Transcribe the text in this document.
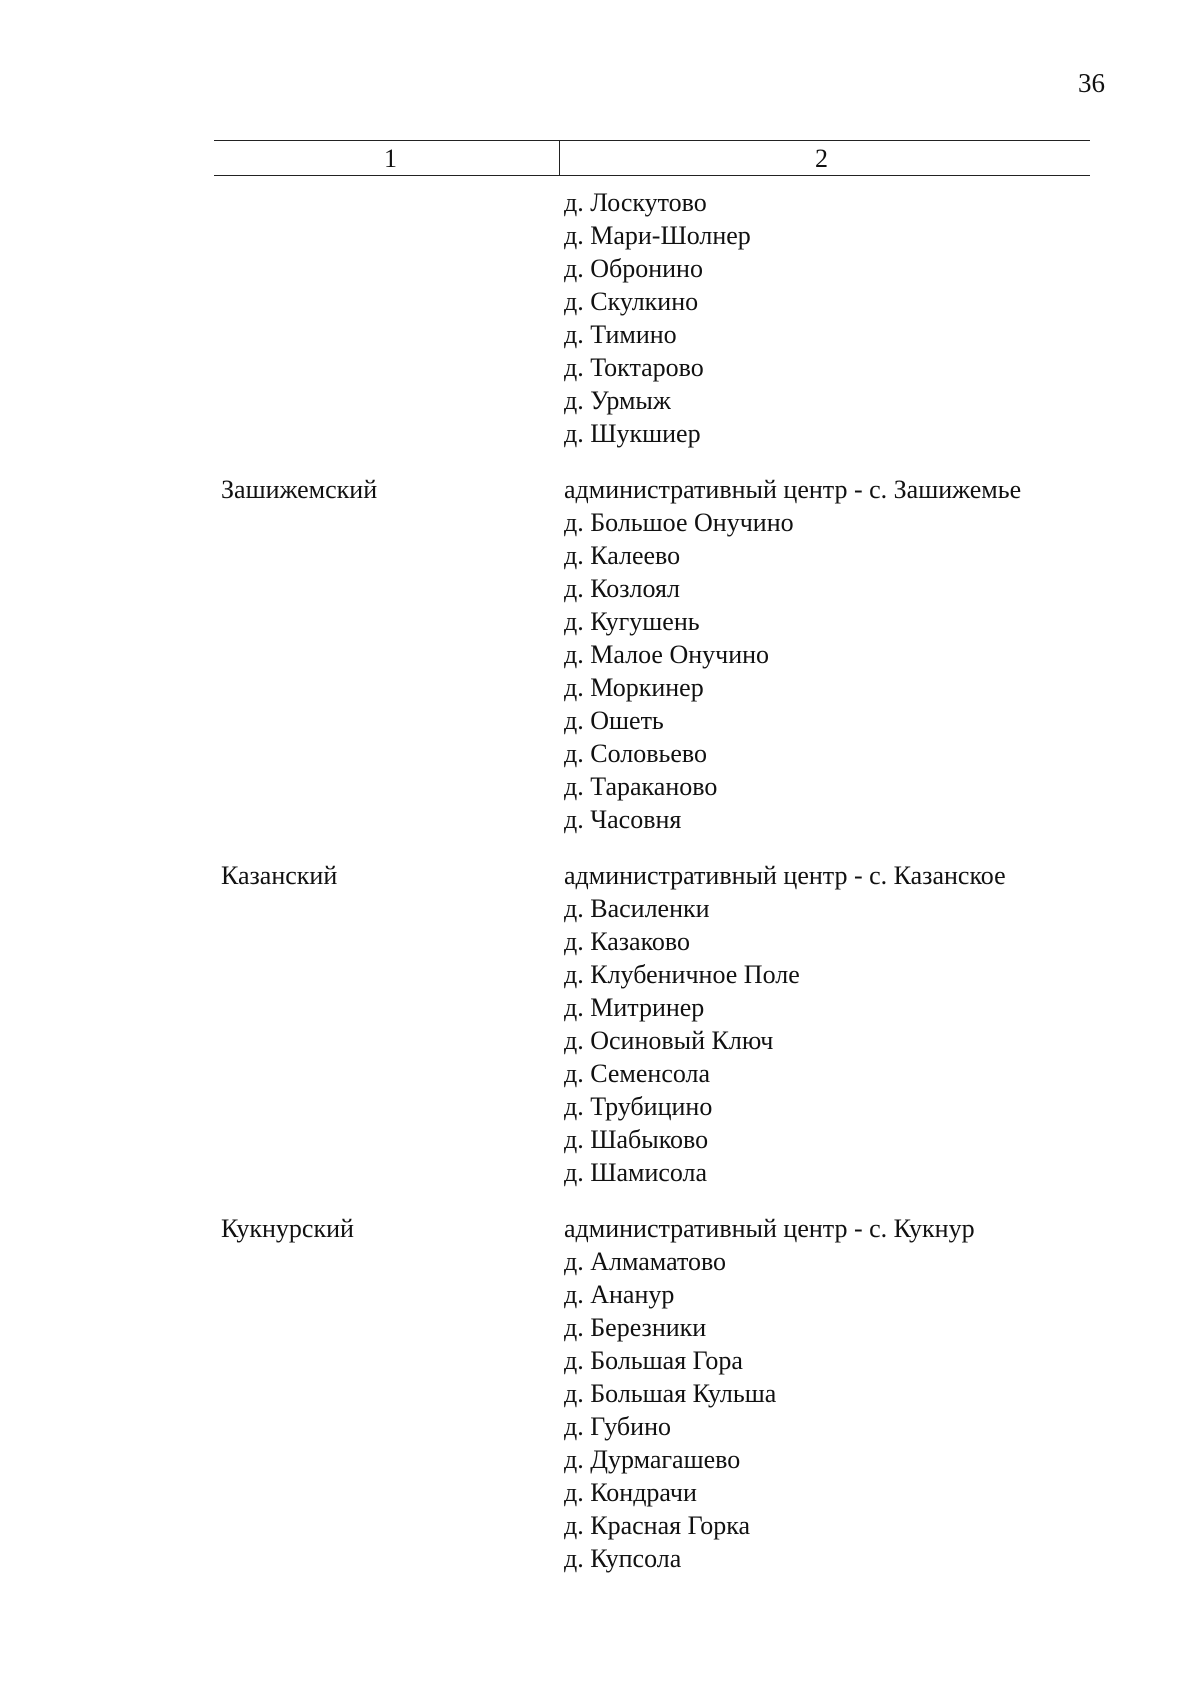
36
1	2
д. Лоскутово
д. Мари-Шолнер
д. Обронино
д. Скулкино
д. Тимино
д. Токтарово
д. Урмыж
д. Шукшиер
Зашижемский	административный центр - с. Зашижемье
д. Большое Онучино
д. Калеево
д. Козлоял
д. Кугушень
д. Малое Онучино
д. Моркинер
д. Ошеть
д. Соловьево
д. Тараканово
д. Часовня
Казанский	административный центр - с. Казанское
д. Василенки
д. Казаково
д. Клубеничное Поле
д. Митринер
д. Осиновый Ключ
д. Семенсола
д. Трубицино
д. Шабыково
д. Шамисола
Кукнурский	административный центр - с. Кукнур
д. Алмаматово
д. Ананур
д. Березники
д. Большая Гора
д. Большая Кульша
д. Губино
д. Дурмагашево
д. Кондрачи
д. Красная Горка
д. Купсола
